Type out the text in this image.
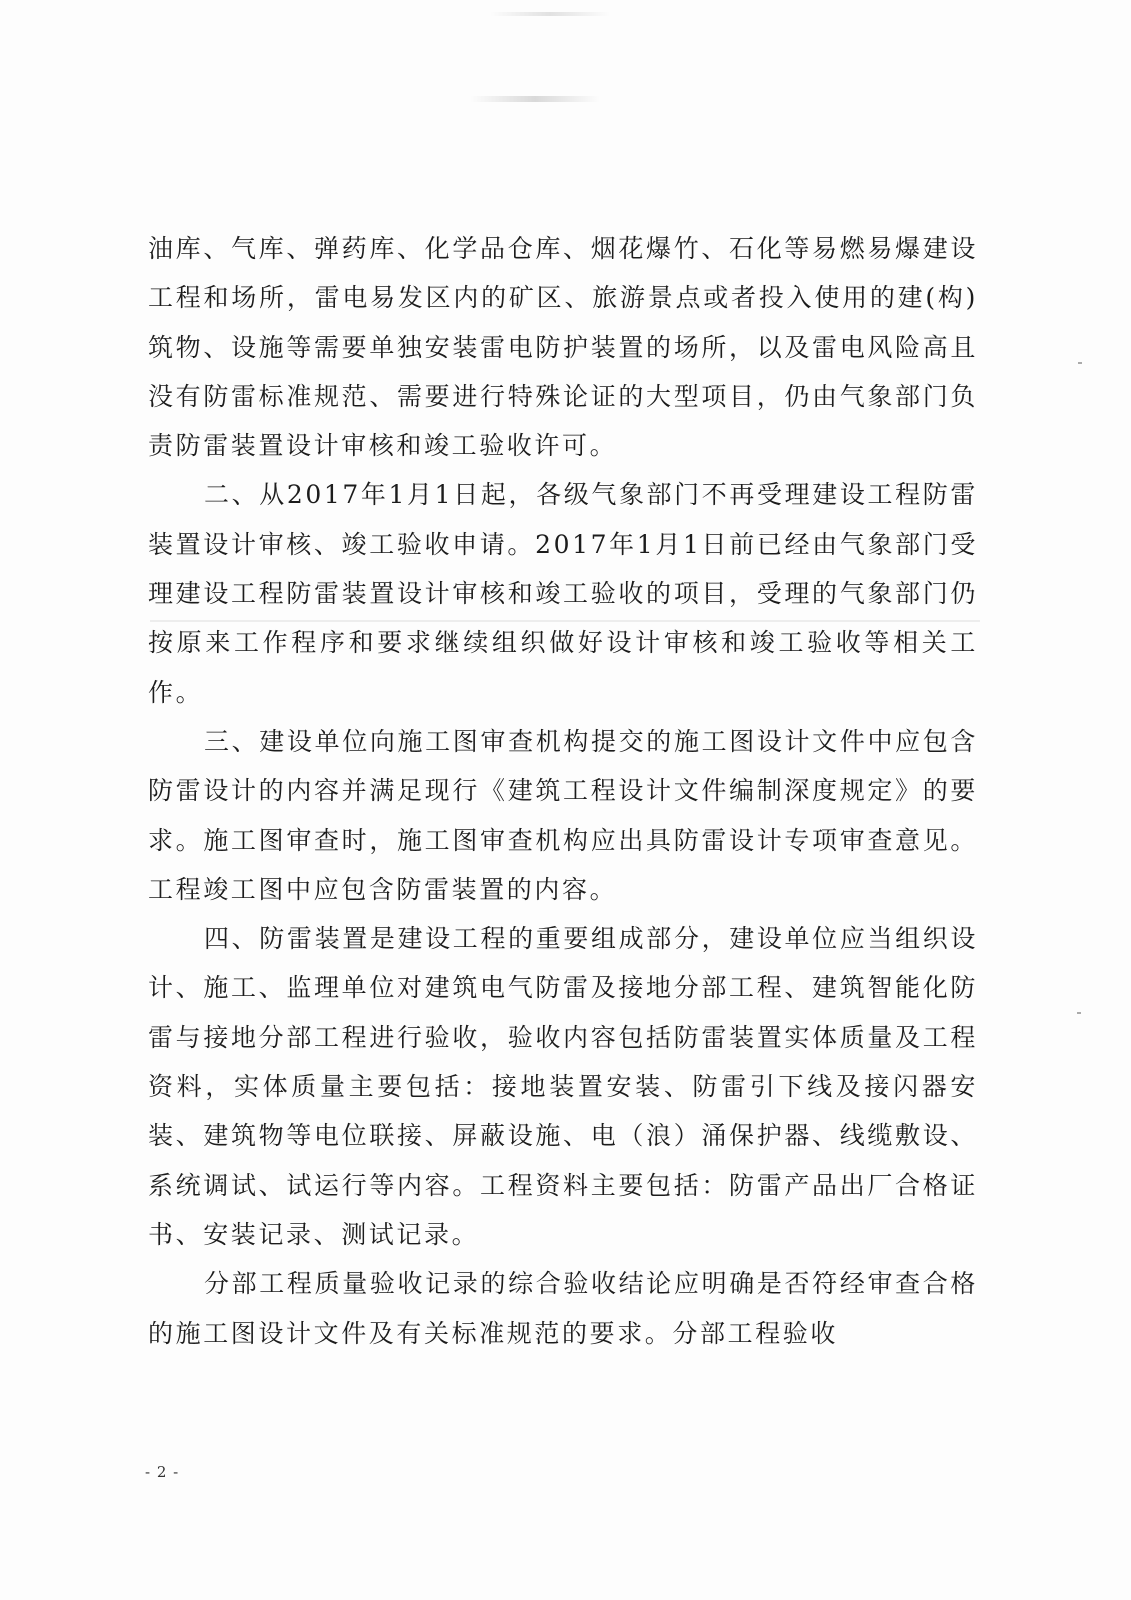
油库、气库、弹药库、化学品仓库、烟花爆竹、石化等易燃易爆建设工程和场所，雷电易发区内的矿区、旅游景点或者投入使用的建(构)筑物、设施等需要单独安装雷电防护装置的场所，以及雷电风险高且没有防雷标准规范、需要进行特殊论证的大型项目，仍由气象部门负责防雷装置设计审核和竣工验收许可。

二、从2017年1月1日起，各级气象部门不再受理建设工程防雷装置设计审核、竣工验收申请。2017年1月1日前已经由气象部门受理建设工程防雷装置设计审核和竣工验收的项目，受理的气象部门仍按原来工作程序和要求继续组织做好设计审核和竣工验收等相关工作。

三、建设单位向施工图审查机构提交的施工图设计文件中应包含防雷设计的内容并满足现行《建筑工程设计文件编制深度规定》的要求。施工图审查时，施工图审查机构应出具防雷设计专项审查意见。工程竣工图中应包含防雷装置的内容。

四、防雷装置是建设工程的重要组成部分，建设单位应当组织设计、施工、监理单位对建筑电气防雷及接地分部工程、建筑智能化防雷与接地分部工程进行验收，验收内容包括防雷装置实体质量及工程资料，实体质量主要包括：接地装置安装、防雷引下线及接闪器安装、建筑物等电位联接、屏蔽设施、电（浪）涌保护器、线缆敷设、系统调试、试运行等内容。工程资料主要包括：防雷产品出厂合格证书、安装记录、测试记录。

分部工程质量验收记录的综合验收结论应明确是否符经审查合格的施工图设计文件及有关标准规范的要求。分部工程验收

- 2 -
